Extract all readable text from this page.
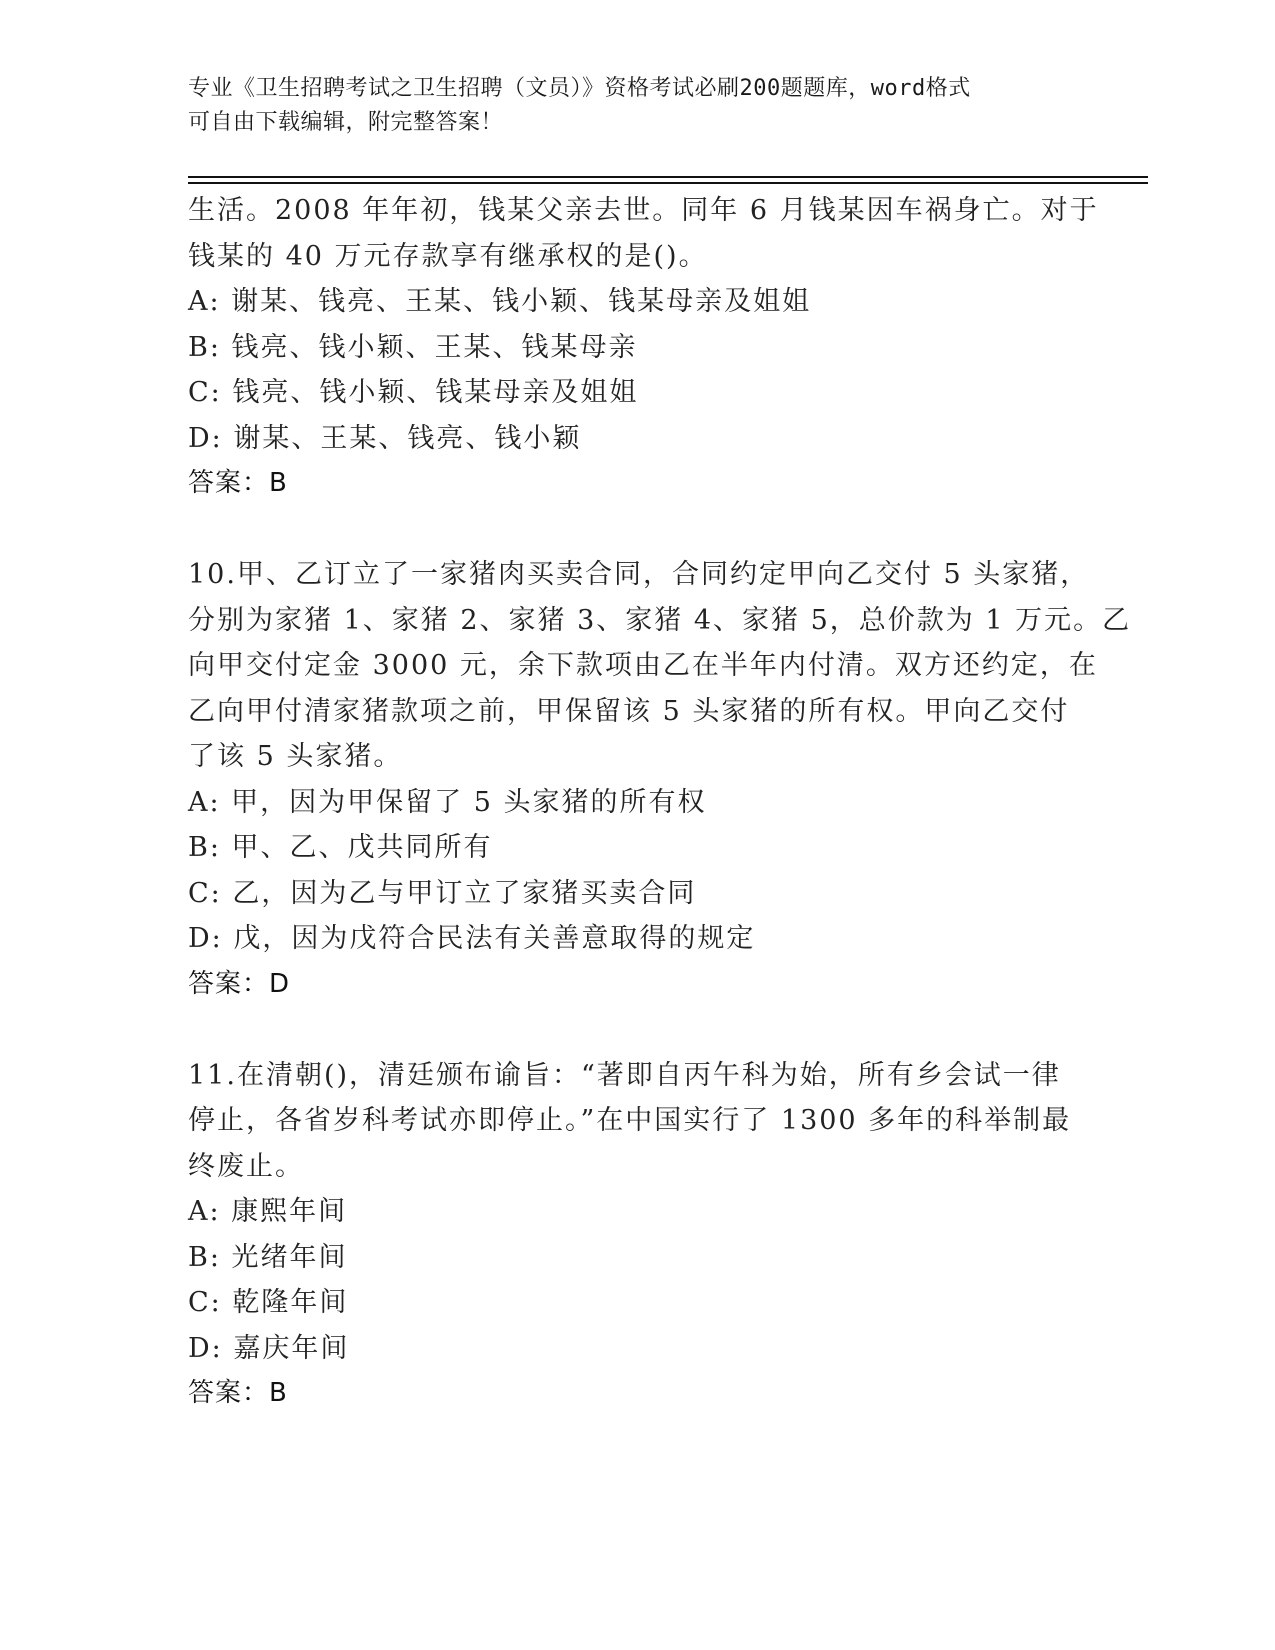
专业《卫生招聘考试之卫生招聘（文员）》资格考试必刷200题题库，word格式
可自由下载编辑，附完整答案！
生活。2008 年年初，钱某父亲去世。同年 6 月钱某因车祸身亡。对于
钱某的 40 万元存款享有继承权的是()。
A: 谢某、钱亮、王某、钱小颖、钱某母亲及姐姐
B: 钱亮、钱小颖、王某、钱某母亲
C: 钱亮、钱小颖、钱某母亲及姐姐
D: 谢某、王某、钱亮、钱小颖
答案：B
10.甲、乙订立了一家猪肉买卖合同，合同约定甲向乙交付 5 头家猪，
分别为家猪 1、家猪 2、家猪 3、家猪 4、家猪 5，总价款为 1 万元。乙
向甲交付定金 3000 元，余下款项由乙在半年内付清。双方还约定，在
乙向甲付清家猪款项之前，甲保留该 5 头家猪的所有权。甲向乙交付
了该 5 头家猪。
A: 甲，因为甲保留了 5 头家猪的所有权
B: 甲、乙、戊共同所有
C: 乙，因为乙与甲订立了家猪买卖合同
D: 戊，因为戊符合民法有关善意取得的规定
答案：D
11.在清朝()，清廷颁布谕旨：“著即自丙午科为始，所有乡会试一律
停止，各省岁科考试亦即停止。”在中国实行了 1300 多年的科举制最
终废止。
A: 康熙年间
B: 光绪年间
C: 乾隆年间
D: 嘉庆年间
答案：B
